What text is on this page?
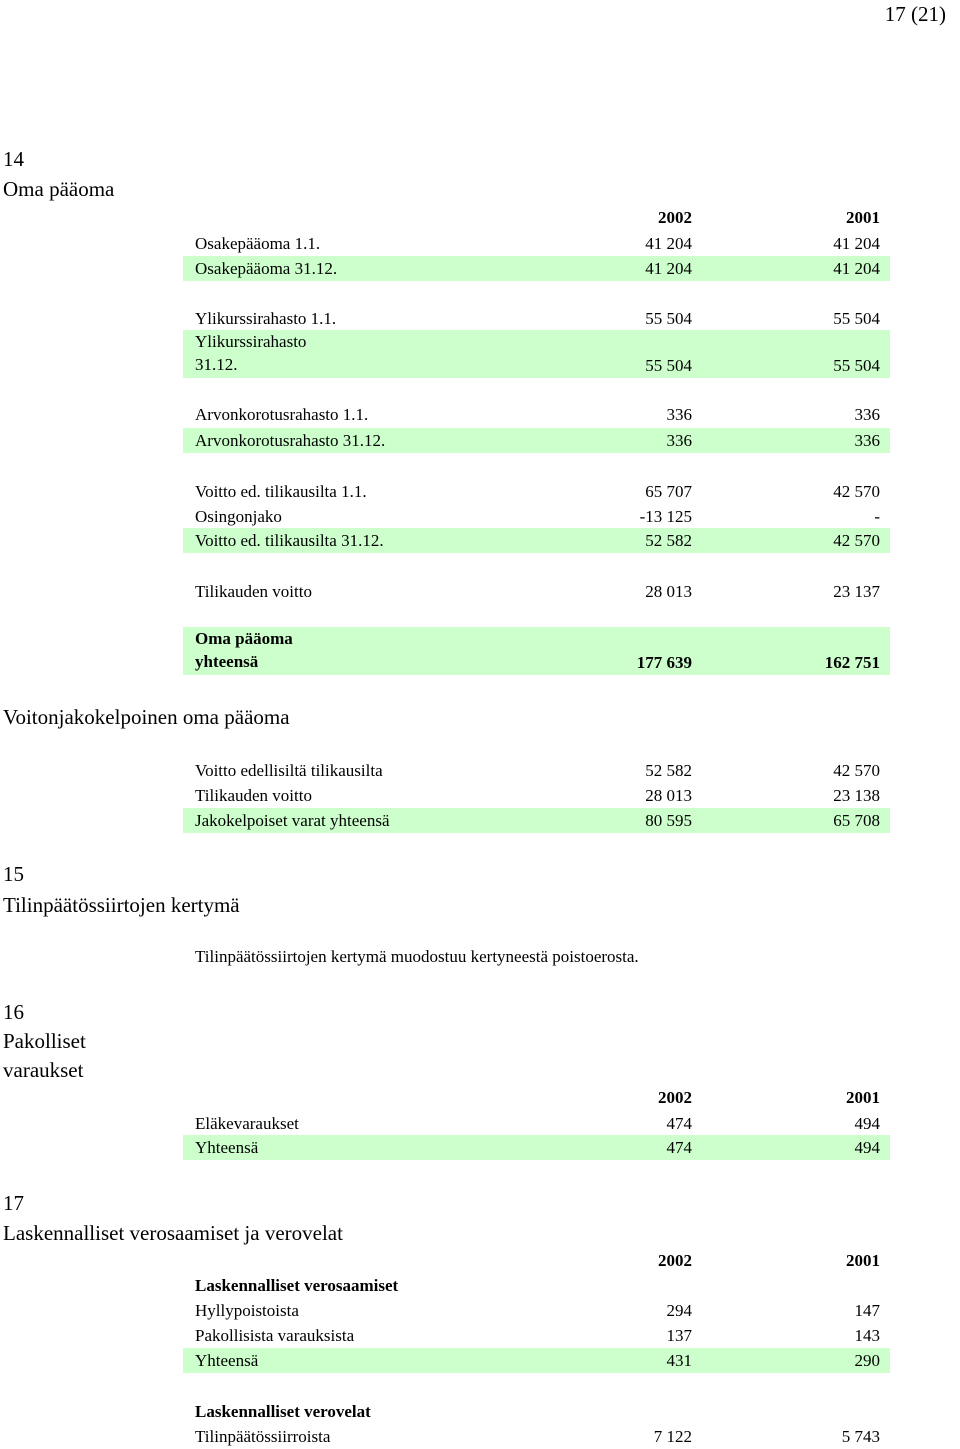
17 (21)
14
Oma pääoma
2002	2001
Osakepääoma 1.1.	41 204	41 204
Osakepääoma 31.12.	41 204	41 204
Ylikurssirahasto 1.1.	55 504	55 504
Ylikurssirahasto
31.12.	55 504	55 504
Arvonkorotusrahasto 1.1.	336	336
Arvonkorotusrahasto 31.12.	336	336
Voitto ed. tilikausilta 1.1.	65 707	42 570
Osingonjako	-13 125	-
Voitto ed. tilikausilta 31.12.	52 582	42 570
Tilikauden voitto	28 013	23 137
Oma pääoma
yhteensä	177 639	162 751
Voitonjakokelpoinen oma pääoma
Voitto edellisiltä tilikausilta	52 582	42 570
Tilikauden voitto	28 013	23 138
Jakokelpoiset varat yhteensä	80 595	65 708
15
Tilinpäätössiirtojen kertymä
Tilinpäätössiirtojen kertymä muodostuu kertyneestä poistoerosta.
16
Pakolliset
varaukset
2002	2001
Eläkevaraukset	474	494
Yhteensä	474	494
17
Laskennalliset verosaamiset ja verovelat
2002	2001
Laskennalliset verosaamiset
Hyllypoistoista	294	147
Pakollisista varauksista	137	143
Yhteensä	431	290
Laskennalliset verovelat
Tilinpäätössiirroista	7 122	5 743
